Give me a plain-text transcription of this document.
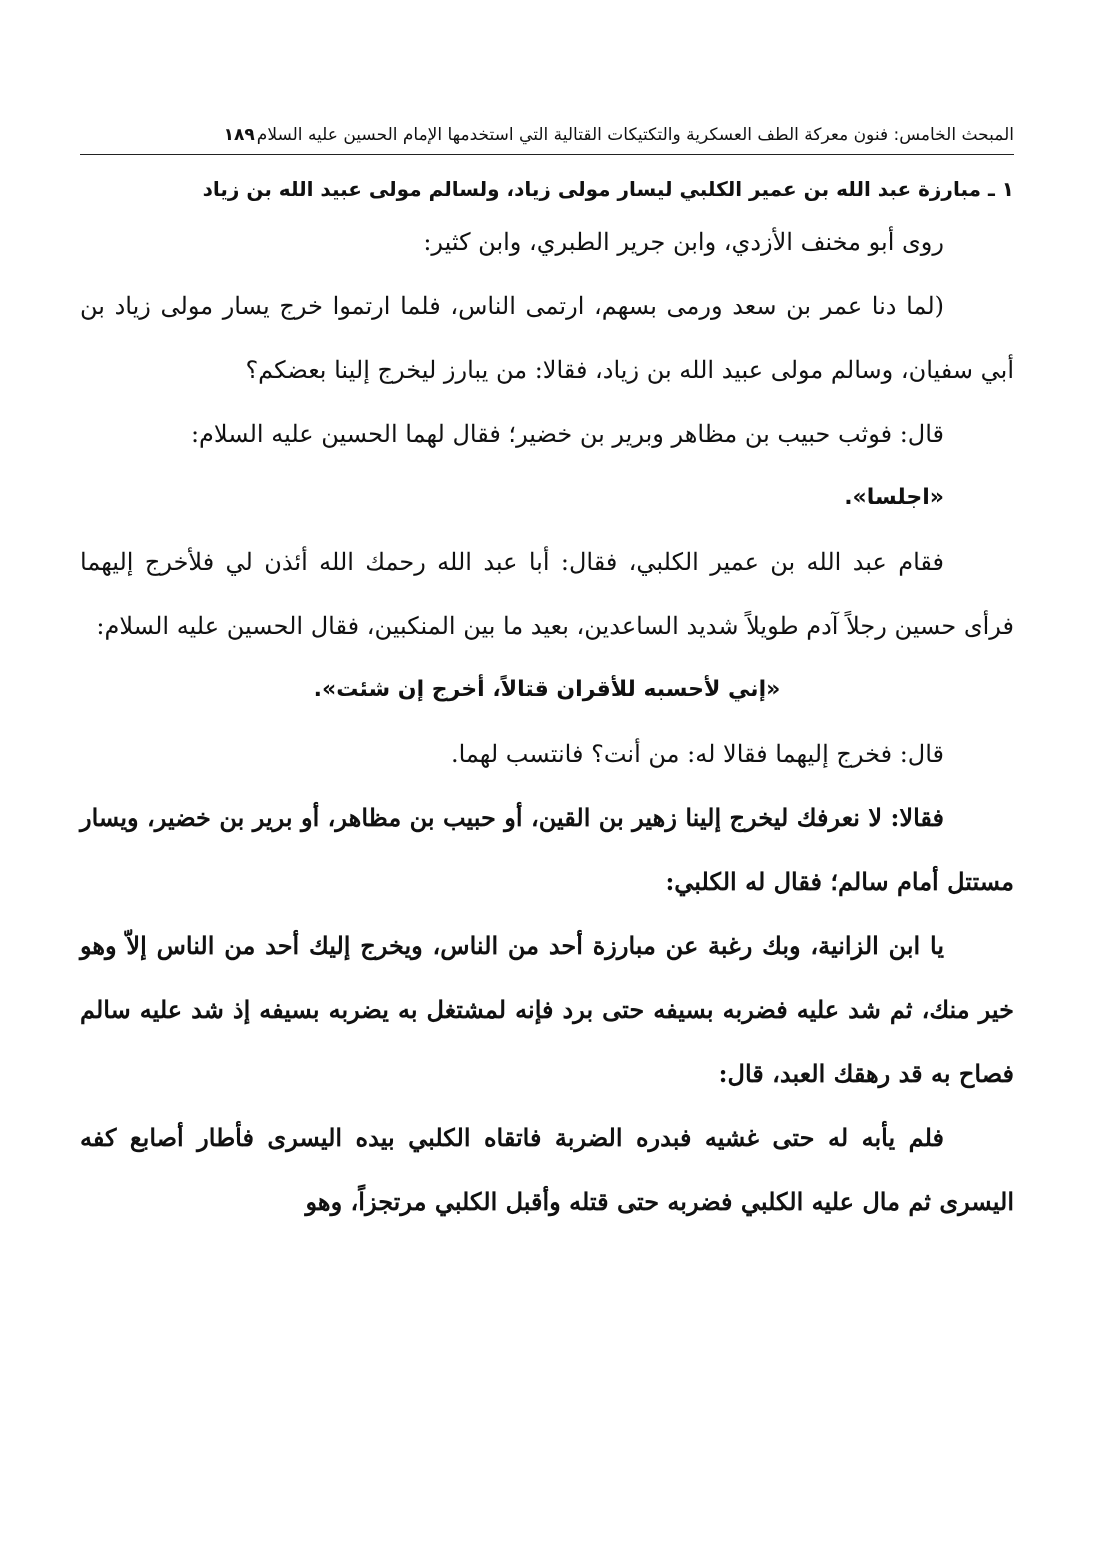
المبحث الخامس: فنون معركة الطف العسكرية والتكتيكات القتالية التي استخدمها الإمام الحسين عليه السلام
١٨٩

١ ـ مبارزة عبد الله بن عمير الكلبي ليسار مولى زياد، ولسالم مولى عبيد الله بن زياد

روى أبو مخنف الأزدي، وابن جرير الطبري، وابن كثير:

(لما دنا عمر بن سعد ورمى بسهم، ارتمى الناس، فلما ارتموا خرج يسار مولى زياد بن أبي سفيان، وسالم مولى عبيد الله بن زياد، فقالا: من يبارز ليخرج إلينا بعضكم؟

قال: فوثب حبيب بن مظاهر وبرير بن خضير؛ فقال لهما الحسين عليه السلام:

«اجلسا».

فقام عبد الله بن عمير الكلبي، فقال: أبا عبد الله رحمك الله أئذن لي فلأخرج إليهما فرأى حسين رجلاً آدم طويلاً شديد الساعدين، بعيد ما بين المنكبين، فقال الحسين عليه السلام:

«إني لأحسبه للأقران قتالاً، أخرج إن شئت».

قال: فخرج إليهما فقالا له: من أنت؟ فانتسب لهما.

فقالا: لا نعرفك ليخرج إلينا زهير بن القين، أو حبيب بن مظاهر، أو برير بن خضير، ويسار مستتل أمام سالم؛ فقال له الكلبي:

يا ابن الزانية، وبك رغبة عن مبارزة أحد من الناس، ويخرج إليك أحد من الناس إلاّ وهو خير منك، ثم شد عليه فضربه بسيفه حتى برد فإنه لمشتغل به يضربه بسيفه إذ شد عليه سالم فصاح به قد رهقك العبد، قال:

فلم يأبه له حتى غشيه فبدره الضربة فاتقاه الكلبي بيده اليسرى فأطار أصابع كفه اليسرى ثم مال عليه الكلبي فضربه حتى قتله وأقبل الكلبي مرتجزاً، وهو
